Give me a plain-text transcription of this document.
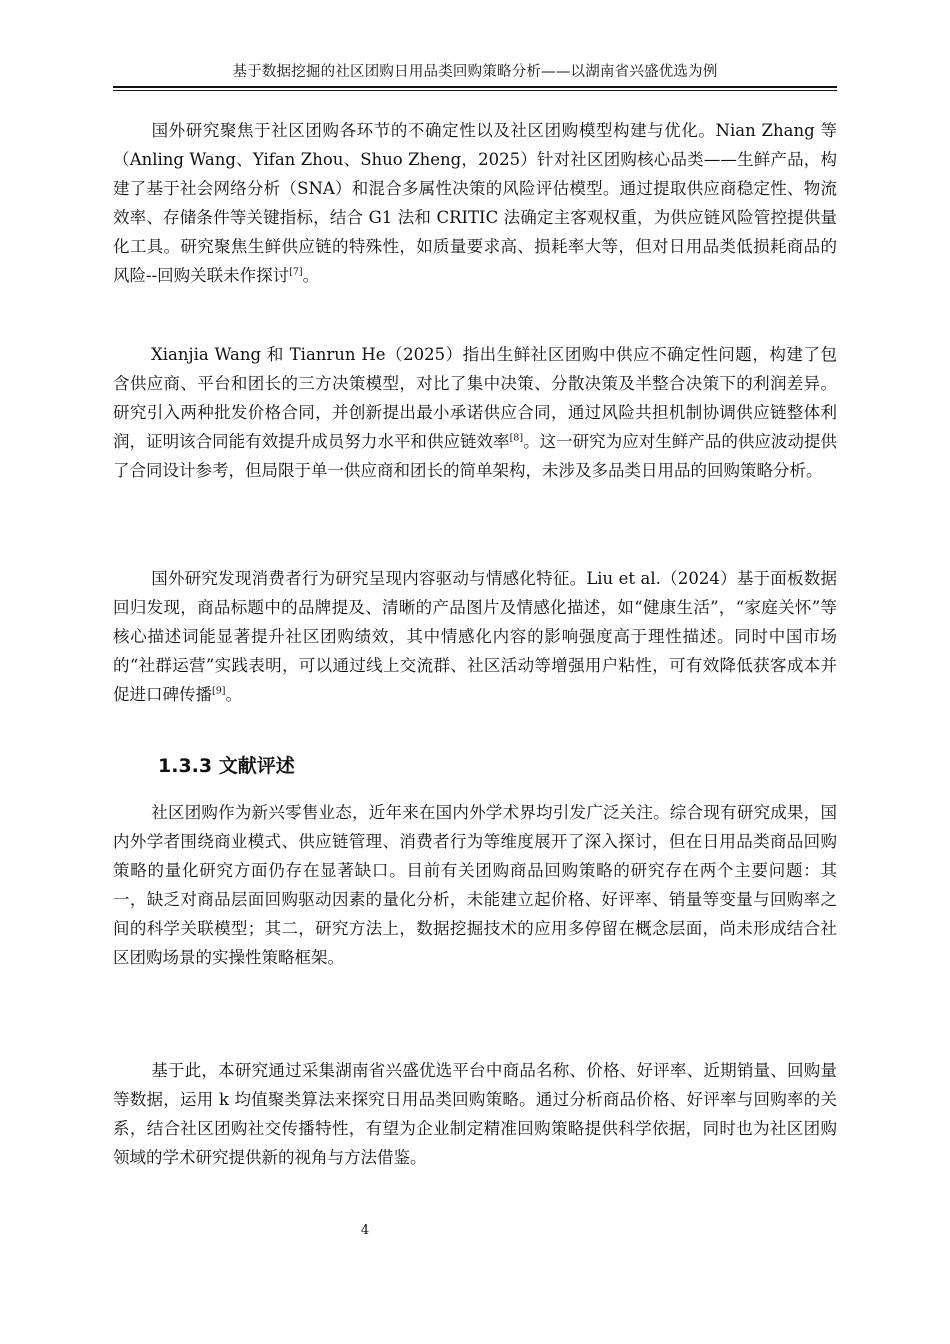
基于数据挖掘的社区团购日用品类回购策略分析——以湖南省兴盛优选为例

国外研究聚焦于社区团购各环节的不确定性以及社区团购模型构建与优化。Nian Zhang 等（Anling Wang、Yifan Zhou、Shuo Zheng，2025）针对社区团购核心品类——生鲜产品，构建了基于社会网络分析（SNA）和混合多属性决策的风险评估模型。通过提取供应商稳定性、物流效率、存储条件等关键指标，结合 G1 法和 CRITIC 法确定主客观权重，为供应链风险管控提供量化工具。研究聚焦生鲜供应链的特殊性，如质量要求高、损耗率大等，但对日用品类低损耗商品的风险--回购关联未作探讨[7]。

Xianjia Wang 和 Tianrun He（2025）指出生鲜社区团购中供应不确定性问题，构建了包含供应商、平台和团长的三方决策模型，对比了集中决策、分散决策及半整合决策下的利润差异。研究引入两种批发价格合同，并创新提出最小承诺供应合同，通过风险共担机制协调供应链整体利润，证明该合同能有效提升成员努力水平和供应链效率[8]。这一研究为应对生鲜产品的供应波动提供了合同设计参考，但局限于单一供应商和团长的简单架构，未涉及多品类日用品的回购策略分析。

国外研究发现消费者行为研究呈现内容驱动与情感化特征。Liu et al.（2024）基于面板数据回归发现，商品标题中的品牌提及、清晰的产品图片及情感化描述，如“健康生活”，“家庭关怀”等核心描述词能显著提升社区团购绩效，其中情感化内容的影响强度高于理性描述。同时中国市场的“社群运营”实践表明，可以通过线上交流群、社区活动等增强用户粘性，可有效降低获客成本并促进口碑传播[9]。

1.3.3 文献评述

社区团购作为新兴零售业态，近年来在国内外学术界均引发广泛关注。综合现有研究成果，国内外学者围绕商业模式、供应链管理、消费者行为等维度展开了深入探讨，但在日用品类商品回购策略的量化研究方面仍存在显著缺口。目前有关团购商品回购策略的研究存在两个主要问题：其一，缺乏对商品层面回购驱动因素的量化分析，未能建立起价格、好评率、销量等变量与回购率之间的科学关联模型；其二，研究方法上，数据挖掘技术的应用多停留在概念层面，尚未形成结合社区团购场景的实操性策略框架。

基于此，本研究通过采集湖南省兴盛优选平台中商品名称、价格、好评率、近期销量、回购量等数据，运用 k 均值聚类算法来探究日用品类回购策略。通过分析商品价格、好评率与回购率的关系，结合社区团购社交传播特性，有望为企业制定精准回购策略提供科学依据，同时也为社区团购领域的学术研究提供新的视角与方法借鉴。

4
